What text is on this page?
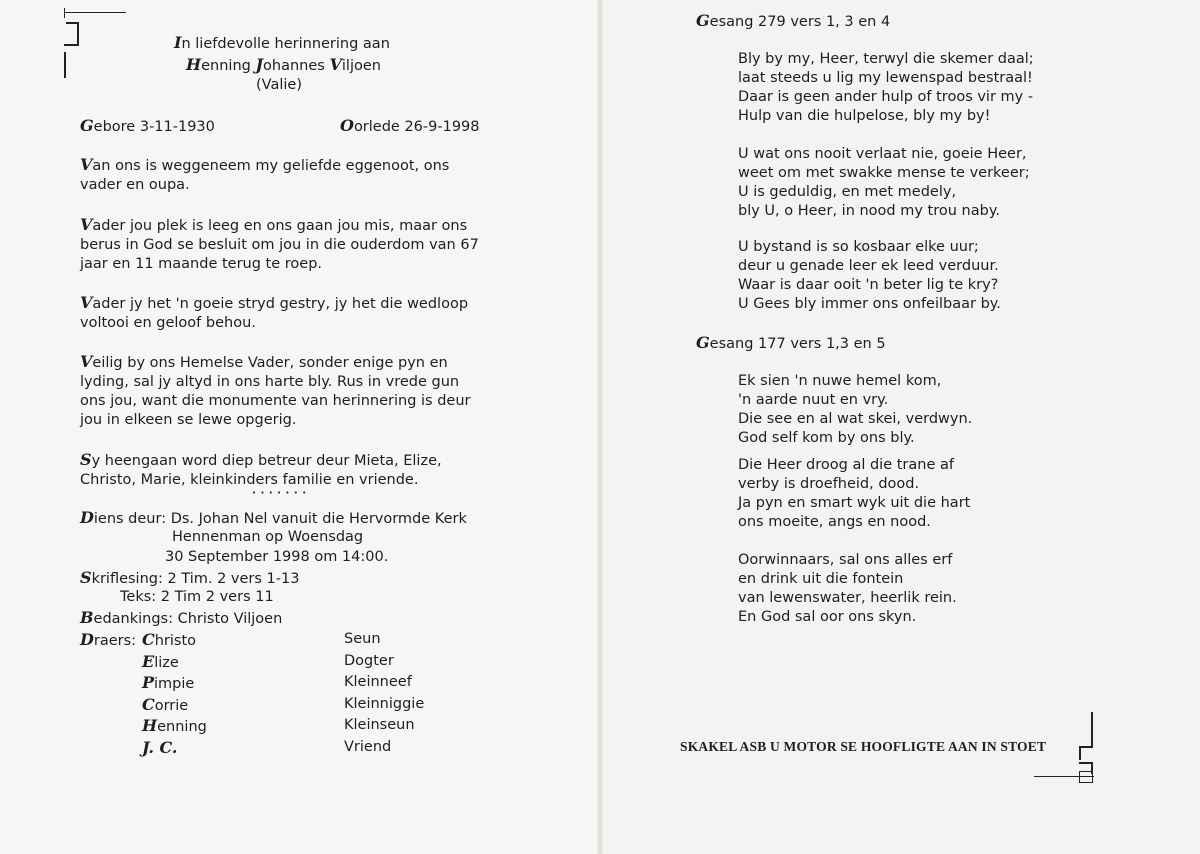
In liefdevolle herinnering aan
Henning Johannes Viljoen
(Valie)
Gebore 3-11-1930	Oorlede 26-9-1998
Van ons is weggeneem my geliefde eggenoot, ons
vader en oupa.
Vader jou plek is leeg en ons gaan jou mis, maar ons
berus in God se besluit om jou in die ouderdom van 67
jaar en 11 maande terug te roep.
Vader jy het 'n goeie stryd gestry, jy het die wedloop
voltooi en geloof behou.
Veilig by ons Hemelse Vader, sonder enige pyn en
lyding, sal jy altyd in ons harte bly. Rus in vrede gun
ons jou, want die monumente van herinnering is deur
jou in elkeen se lewe opgerig.
Sy heengaan word diep betreur deur Mieta, Elize,
Christo, Marie, kleinkinders familie en vriende.
• • • • • • •
Diens deur: Ds. Johan Nel vanuit die Hervormde Kerk
Hennenman op Woensdag
30 September 1998 om 14:00.
Skriflesing: 2 Tim. 2 vers 1-13
Teks: 2 Tim 2 vers 11
Bedankings: Christo Viljoen
Draers: Christo	Seun
Elize	Dogter
Pimpie	Kleinneef
Corrie	Kleinniggie
Henning	Kleinseun
J. C.	Vriend
Gesang 279 vers 1, 3 en 4
Bly by my, Heer, terwyl die skemer daal;
laat steeds u lig my lewenspad bestraal!
Daar is geen ander hulp of troos vir my -
Hulp van die hulpelose, bly my by!
U wat ons nooit verlaat nie, goeie Heer,
weet om met swakke mense te verkeer;
U is geduldig, en met medely,
bly U, o Heer, in nood my trou naby.
U bystand is so kosbaar elke uur;
deur u genade leer ek leed verduur.
Waar is daar ooit 'n beter lig te kry?
U Gees bly immer ons onfeilbaar by.
Gesang 177 vers 1,3 en 5
Ek sien 'n nuwe hemel kom,
'n aarde nuut en vry.
Die see en al wat skei, verdwyn.
God self kom by ons bly.
Die Heer droog al die trane af
verby is droefheid, dood.
Ja pyn en smart wyk uit die hart
ons moeite, angs en nood.
Oorwinnaars, sal ons alles erf
en drink uit die fontein
van lewenswater, heerlik rein.
En God sal oor ons skyn.
SKAKEL ASB U MOTOR SE HOOFLIGTE AAN IN STOET
